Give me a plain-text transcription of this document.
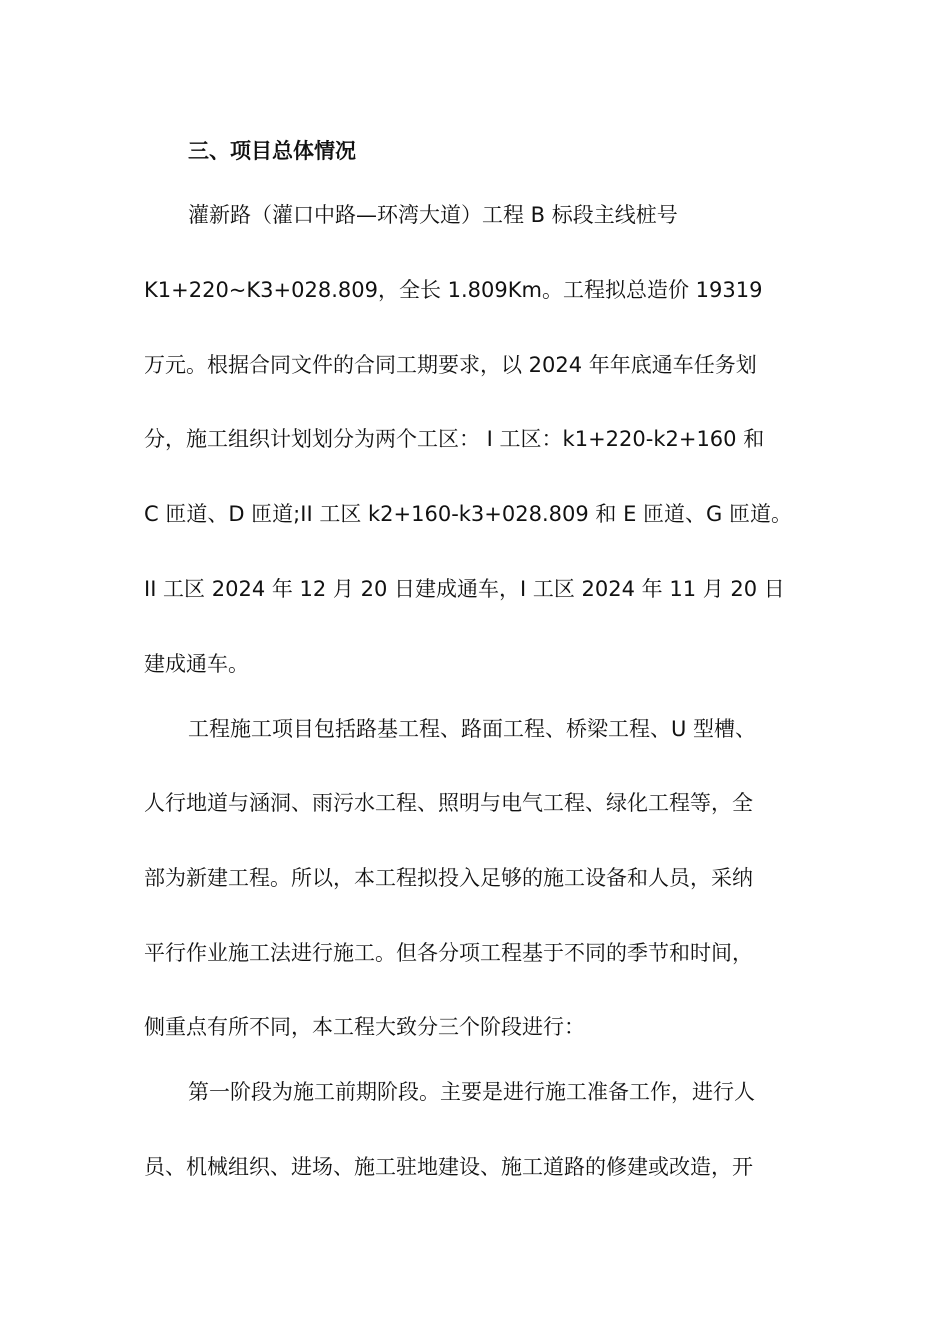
三、项目总体情况
灌新路（灌口中路—环湾大道）工程 B 标段主线桩号
K1+220~K3+028.809，全长 1.809Km。工程拟总造价 19319
万元。根据合同文件的合同工期要求，以 2024 年年底通车任务划
分，施工组织计划划分为两个工区： I 工区：k1+220-k2+160 和
C 匝道、D 匝道;II 工区 k2+160-k3+028.809 和 E 匝道、G 匝道。
II 工区 2024 年 12 月 20 日建成通车，I 工区 2024 年 11 月 20 日
建成通车。
工程施工项目包括路基工程、路面工程、桥梁工程、U 型槽、
人行地道与涵洞、雨污水工程、照明与电气工程、绿化工程等，全
部为新建工程。所以，本工程拟投入足够的施工设备和人员，采纳
平行作业施工法进行施工。但各分项工程基于不同的季节和时间，
侧重点有所不同，本工程大致分三个阶段进行：
第一阶段为施工前期阶段。主要是进行施工准备工作，进行人
员、机械组织、进场、施工驻地建设、施工道路的修建或改造，开
